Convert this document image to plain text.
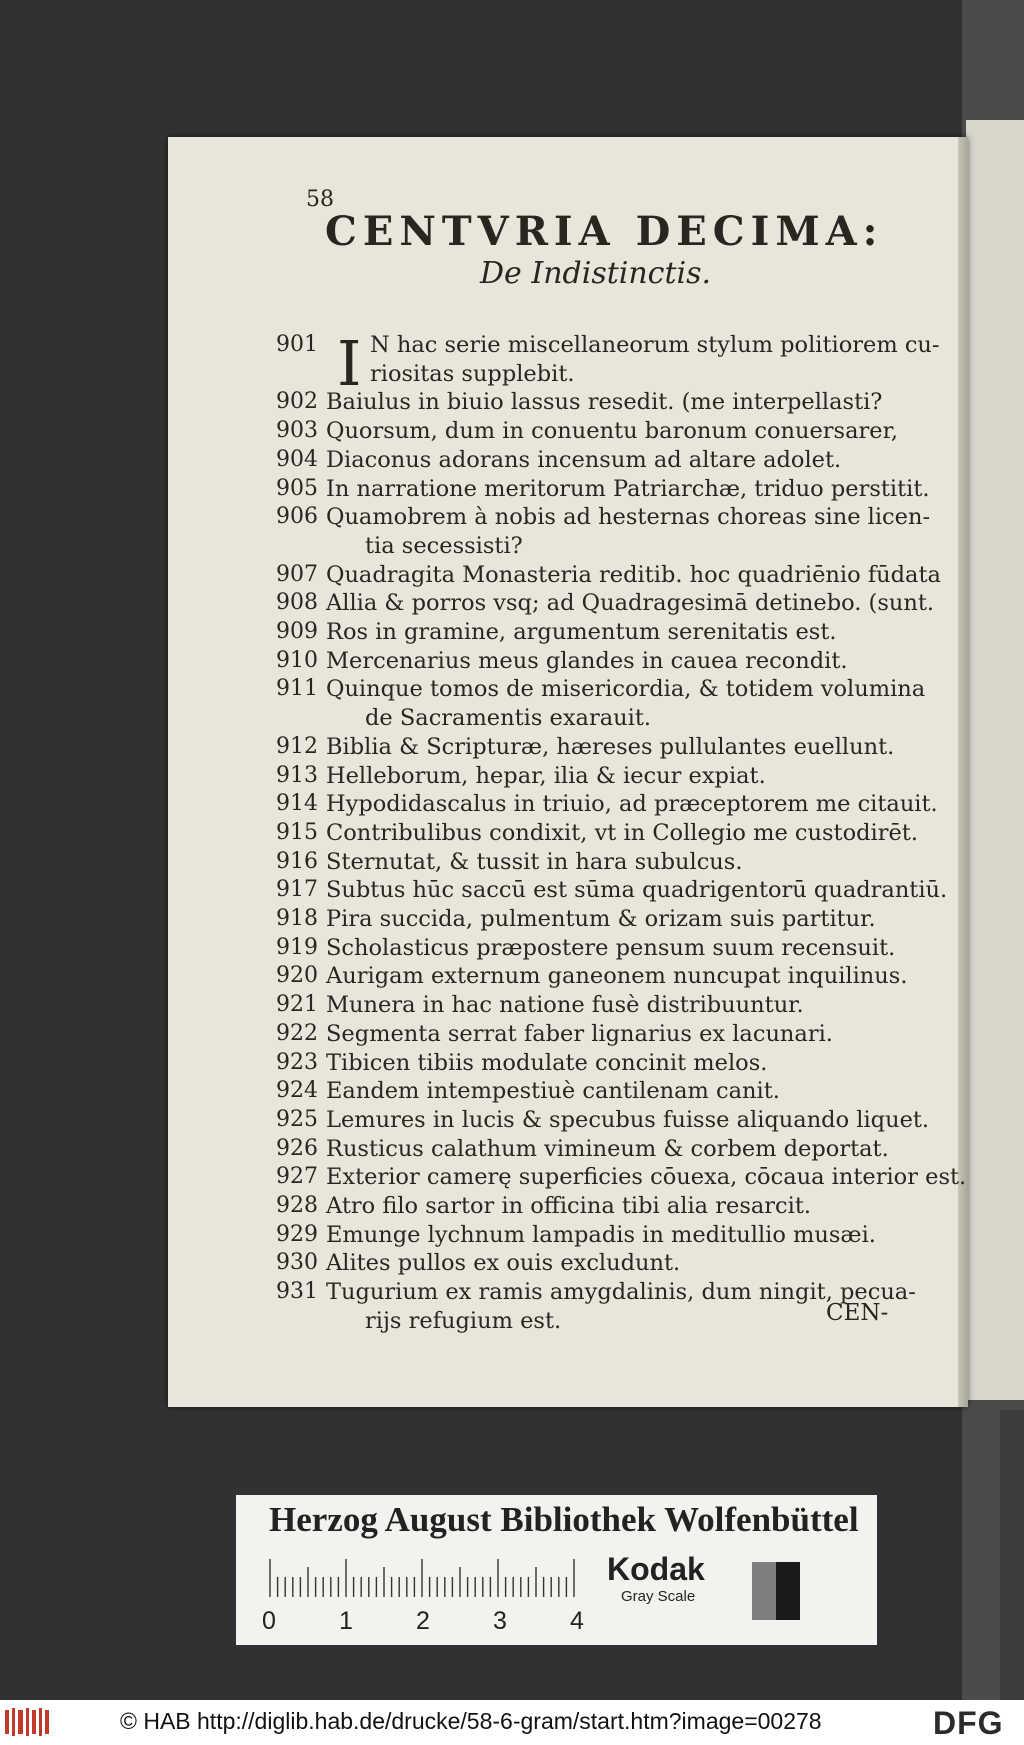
58
CENTVRIA DECIMA:
De Indistinctis.
I
901	N hac serie miscellaneorum stylum politiorem cu-
riositas supplebit.
902 Baiulus in biuio lassus resedit. (me interpellasti?
903 Quorsum, dum in conuentu baronum conuersarer,
904 Diaconus adorans incensum ad altare adolet.
905 In narratione meritorum Patriarchæ, triduo perstitit.
906 Quamobrem à nobis ad hesternas choreas sine licen-
tia secessisti?
907 Quadragita Monasteria reditib. hoc quadriēnio fūdata
908 Allia & porros vsq; ad Quadragesimā detinebo. (sunt.
909 Ros in gramine, argumentum serenitatis est.
910 Mercenarius meus glandes in cauea recondit.
911 Quinque tomos de misericordia, & totidem volumina
de Sacramentis exarauit.
912 Biblia & Scripturæ, hæreses pullulantes euellunt.
913 Helleborum, hepar, ilia & iecur expiat.
914 Hypodidascalus in triuio, ad præceptorem me citauit.
915 Contribulibus condixit, vt in Collegio me custodirēt.
916 Sternutat, & tussit in hara subulcus.
917 Subtus hūc saccū est sūma quadrigentorū quadrantiū.
918 Pira succida, pulmentum & orizam suis partitur.
919 Scholasticus præpostere pensum suum recensuit.
920 Aurigam externum ganeonem nuncupat inquilinus.
921 Munera in hac natione fusè distribuuntur.
922 Segmenta serrat faber lignarius ex lacunari.
923 Tibicen tibiis modulate concinit melos.
924 Eandem intempestiuè cantilenam canit.
925 Lemures in lucis & specubus fuisse aliquando liquet.
926 Rusticus calathum vimineum & corbem deportat.
927 Exterior camerę superficies cōuexa, cōcaua interior est.
928 Atro filo sartor in officina tibi alia resarcit.
929 Emunge lychnum lampadis in meditullio musæi.
930 Alites pullos ex ouis excludunt.
931 Tugurium ex ramis amygdalinis, dum ningit, pecua-
rijs refugium est.	CEN-
Herzog August Bibliothek Wolfenbüttel
0	1	2	3	4
Kodak
Gray Scale
© HAB http://diglib.hab.de/drucke/58-6-gram/start.htm?image=00278	DFG
